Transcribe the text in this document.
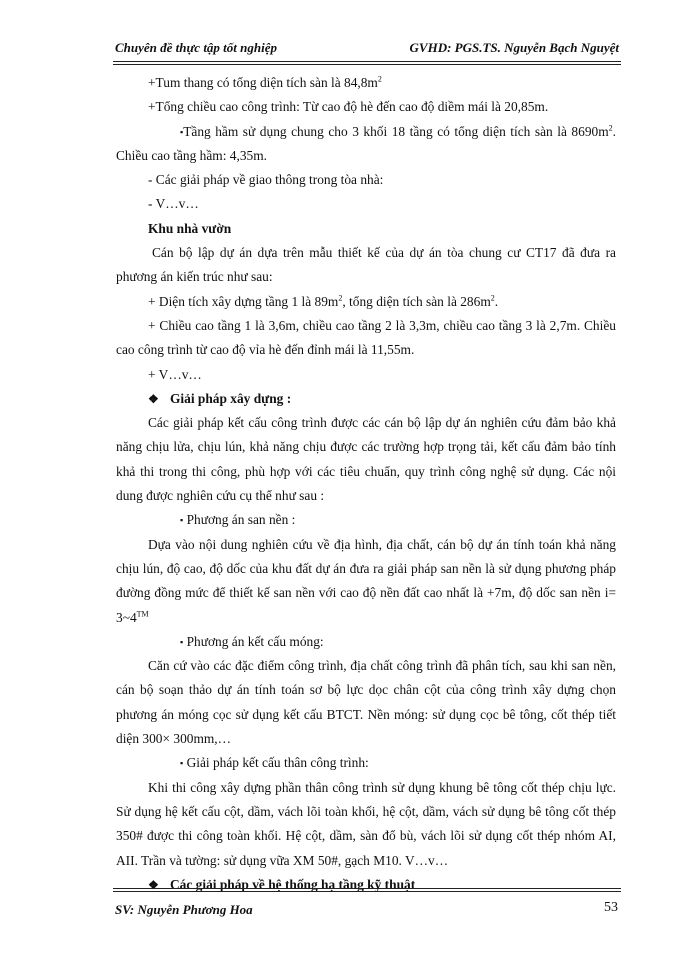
Chuyên đề thực tập tốt nghiệp	GVHD: PGS.TS. Nguyễn Bạch Nguyệt

+Tum thang có tổng diện tích sàn là $84,8m^2$

+Tổng chiều cao công trình: Từ cao độ hè đến cao độ diềm mái là 20,85m.

▪Tầng hầm sử dụng chung cho 3 khối 18 tầng có tổng diện tích sàn là $8690m^2$. Chiều cao tầng hầm: 4,35m.

- Các giải pháp về giao thông trong tòa nhà:

- V…v…

Khu nhà vườn

Cán bộ lập dự án dựa trên mẫu thiết kế của dự án tòa chung cư CT17 đã đưa ra phương án kiến trúc như sau:

+ Diện tích xây dựng tầng 1 là $89m^2$, tổng diện tích sàn là $286m^2$.

+ Chiều cao tầng 1 là 3,6m, chiều cao tầng 2 là 3,3m, chiều cao tầng 3 là 2,7m. Chiều cao công trình từ cao độ vỉa hè đến đỉnh mái là 11,55m.

+ V…v…

❖ Giải pháp xây dựng :

Các giải pháp kết cấu công trình được các cán bộ lập dự án nghiên cứu đảm bảo khả năng chịu lửa, chịu lún, khả năng chịu được các trường hợp trọng tải, kết cấu đảm bảo tính khả thi trong thi công, phù hợp với các tiêu chuẩn, quy trình công nghệ sử dụng. Các nội dung được nghiên cứu cụ thể như sau :

▪ Phương án san nền :

Dựa vào nội dung nghiên cứu về địa hình, địa chất, cán bộ dự án tính toán khả năng chịu lún, độ cao, độ dốc của khu đất dự án đưa ra giải pháp san nền là sử dụng phương pháp đường đồng mức để thiết kế san nền với cao độ nền đất cao nhất là +7m, độ dốc san nền i= 3~4™

▪ Phương án kết cấu móng:

Căn cứ vào các đặc điểm công trình, địa chất công trình đã phân tích, sau khi san nền, cán bộ soạn thảo dự án tính toán sơ bộ lực dọc chân cột của công trình xây dựng chọn phương án móng cọc sử dụng kết cấu BTCT. Nền móng: sử dụng cọc bê tông, cốt thép tiết diện 300× 300mm,…

▪ Giải pháp kết cấu thân công trình:

Khi thi công xây dựng phần thân công trình sử dụng khung bê tông cốt thép chịu lực. Sử dụng hệ kết cấu cột, dầm, vách lõi toàn khối, hệ cột, dầm, vách sử dụng bê tông cốt thép 350# được thi công toàn khối. Hệ cột, dầm, sàn đổ bù, vách lõi sử dụng cốt thép nhóm AI, AII. Trần và tường: sử dụng vữa XM 50#, gạch M10. V…v…

❖ Các giải pháp về hệ thống hạ tầng kỹ thuật

SV: Nguyễn Phương Hoa	53
